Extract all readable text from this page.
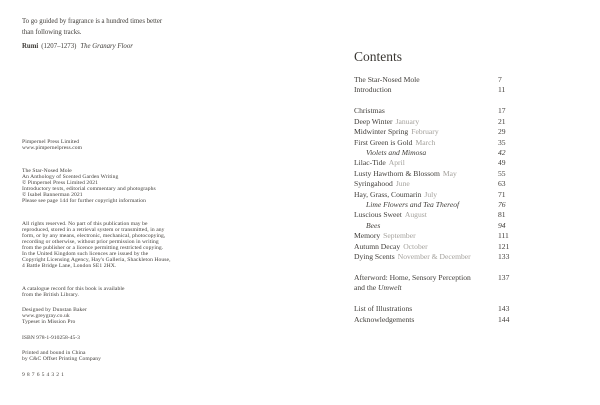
To go guided by fragrance is a hundred times better
than following tracks.
Rumi (1207–1273) The Granary Floor
Pimpernel Press Limited
www.pimpernelpress.com
The Star-Nosed Mole
An Anthology of Scented Garden Writing
© Pimpernel Press Limited 2021
Introductory texts, editorial commentary and photographs
© Isabel Bannerman 2021
Please see page 144 for further copyright information
All rights reserved. No part of this publication may be
reproduced, stored in a retrieval system or transmitted, in any
form, or by any means, electronic, mechanical, photocopying,
recording or otherwise, without prior permission in writing
from the publisher or a licence permitting restricted copying.
In the United Kingdom such licences are issued by the
Copyright Licensing Agency, Hay's Galleria, Shackleton House,
4 Battle Bridge Lane, London SE1 2HX.
A catalogue record for this book is available
from the British Library.
Designed by Dunstan Baker
www.greygray.co.uk
Typeset in Mission Pro
ISBN 978-1-910258-45-3
Printed and bound in China
by C&C Offset Printing Company
987654321
Contents
The Star-Nosed Mole	7
Introduction	11
Christmas	17
Deep Winter January	21
Midwinter Spring February	29
First Green is Gold March	35
Violets and Mimosa	42
Lilac-Tide April	49
Lusty Hawthorn & Blossom May	55
Syringahood June	63
Hay, Grass, Coumarin July	71
Lime Flowers and Tea Thereof	76
Luscious Sweet August	81
Bees	94
Memory September	111
Autumn Decay October	121
Dying Scents November & December	133
Afterword: Home, Sensory Perception	137
and the Umwelt
List of Illustrations	143
Acknowledgements	144
